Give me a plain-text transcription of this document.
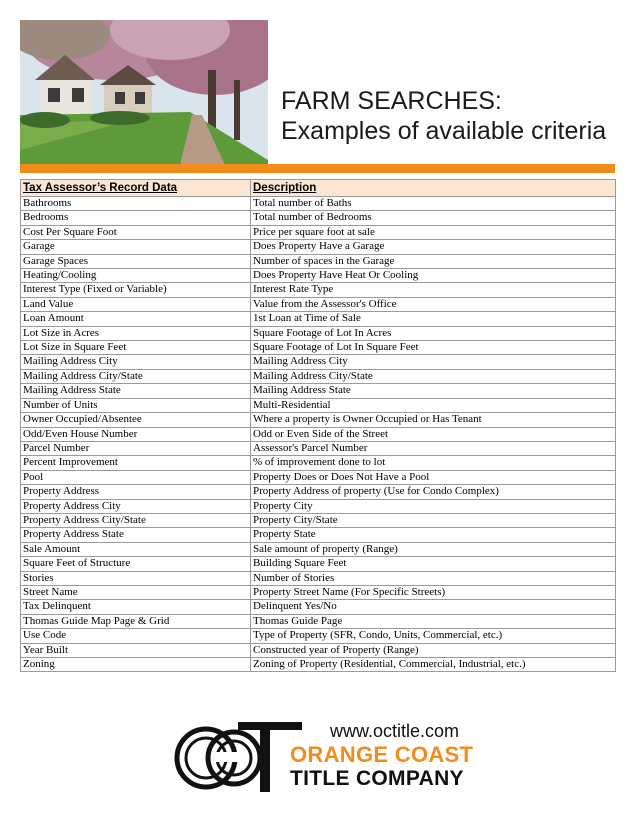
FARM SEARCHES:
Examples of available criteria
Tax Assessor’s Record Data	Description
Bathrooms	Total number of Baths
Bedrooms	Total number of Bedrooms
Cost Per Square Foot	Price per square foot at sale
Garage	Does Property Have a Garage
Garage Spaces	Number of spaces in the Garage
Heating/Cooling	Does Property Have Heat Or Cooling
Interest Type (Fixed or Variable)	Interest Rate Type
Land Value	Value from the Assessor's Office
Loan Amount	1st Loan at Time of Sale
Lot Size in Acres	Square Footage of Lot In Acres
Lot Size in Square Feet	Square Footage of Lot In Square Feet
Mailing Address City	Mailing Address City
Mailing Address City/State	Mailing Address City/State
Mailing Address State	Mailing Address State
Number of Units	Multi-Residential
Owner Occupied/Absentee	Where a property is Owner Occupied or Has Tenant
Odd/Even House Number	Odd or Even Side of the Street
Parcel Number	Assessor's Parcel Number
Percent Improvement	% of improvement done to lot
Pool	Property Does or Does Not Have a Pool
Property Address	Property Address of property (Use for Condo Complex)
Property Address City	Property City
Property Address City/State	Property City/State
Property Address State	Property State
Sale Amount	Sale amount of property (Range)
Square Feet of Structure	Building Square Feet
Stories	Number of Stories
Street Name	Property Street Name (For Specific Streets)
Tax Delinquent	Delinquent Yes/No
Thomas Guide Map Page & Grid	Thomas Guide Page
Use Code	Type of Property (SFR, Condo, Units, Commercial, etc.)
Year Built	Constructed year of Property (Range)
Zoning	Zoning of Property (Residential, Commercial, Industrial, etc.)
www.octitle.com
ORANGE COAST
TITLE COMPANY
